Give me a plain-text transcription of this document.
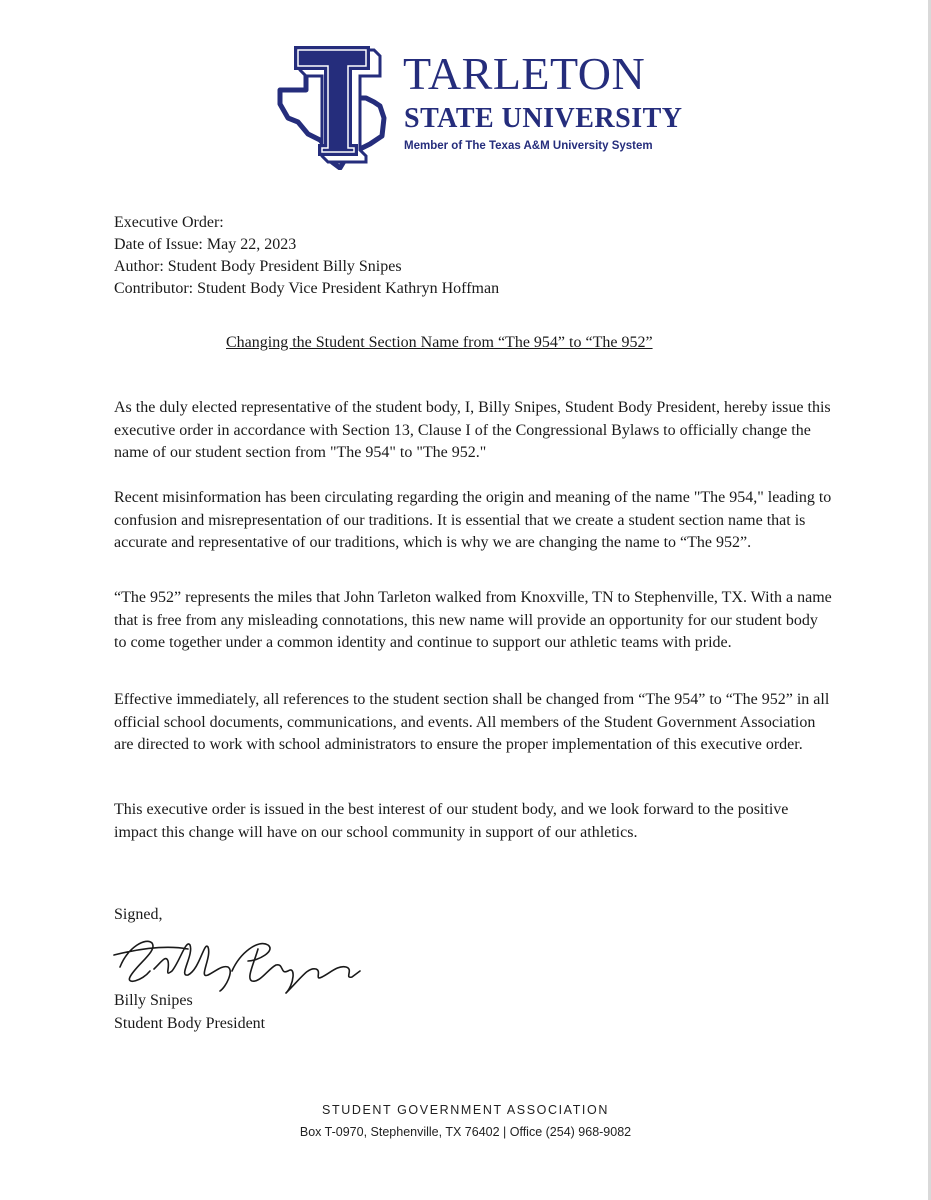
TARLETON
STATE UNIVERSITY
Member of The Texas A&M University System
Executive Order:
Date of Issue: May 22, 2023
Author: Student Body President Billy Snipes
Contributor: Student Body Vice President Kathryn Hoffman
Changing the Student Section Name from “The 954” to “The 952”
As the duly elected representative of the student body, I, Billy Snipes, Student Body President, hereby issue this executive order in accordance with Section 13, Clause I of the Congressional Bylaws to officially change the name of our student section from "The 954" to "The 952."
Recent misinformation has been circulating regarding the origin and meaning of the name "The 954," leading to confusion and misrepresentation of our traditions. It is essential that we create a student section name that is accurate and representative of our traditions, which is why we are changing the name to “The 952”.
“The 952” represents the miles that John Tarleton walked from Knoxville, TN to Stephenville, TX. With a name that is free from any misleading connotations, this new name will provide an opportunity for our student body to come together under a common identity and continue to support our athletic teams with pride.
Effective immediately, all references to the student section shall be changed from “The 954” to “The 952” in all official school documents, communications, and events. All members of the Student Government Association are directed to work with school administrators to ensure the proper implementation of this executive order.
This executive order is issued in the best interest of our student body, and we look forward to the positive impact this change will have on our school community in support of our athletics.
Signed,
Billy Snipes
Student Body President
STUDENT GOVERNMENT ASSOCIATION
Box T-0970, Stephenville, TX 76402 | Office (254) 968-9082
